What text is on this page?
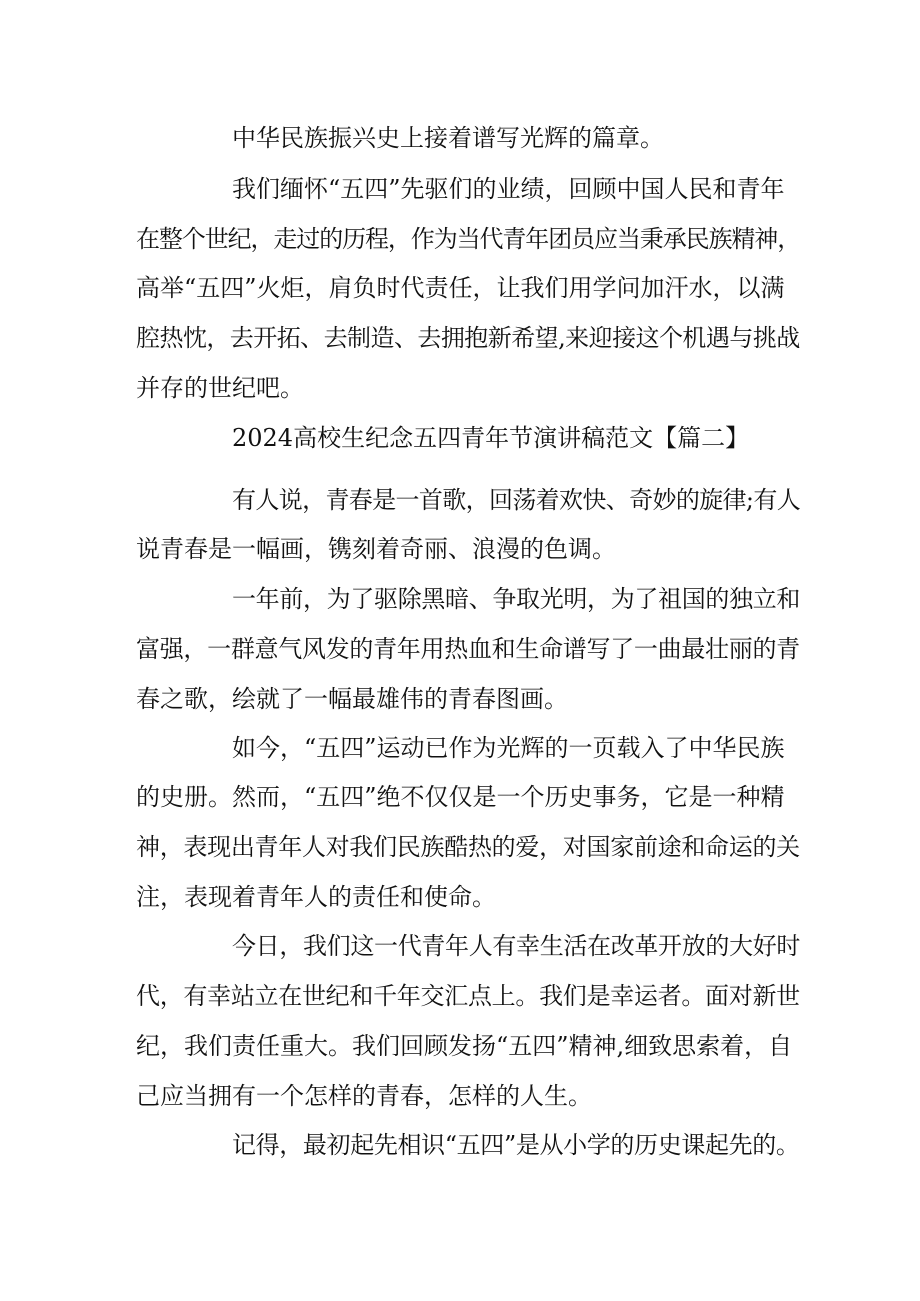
中华民族振兴史上接着谱写光辉的篇章。
我们缅怀“五四”先驱们的业绩，回顾中国人民和青年
在整个世纪，走过的历程，作为当代青年团员应当秉承民族精神，
高举“五四”火炬，肩负时代责任，让我们用学问加汗水，以满
腔热忱，去开拓、去制造、去拥抱新希望,来迎接这个机遇与挑战
并存的世纪吧。
2024高校生纪念五四青年节演讲稿范文【篇二】
有人说，青春是一首歌，回荡着欢快、奇妙的旋律;有人
说青春是一幅画，镌刻着奇丽、浪漫的色调。
一年前，为了驱除黑暗、争取光明，为了祖国的独立和
富强，一群意气风发的青年用热血和生命谱写了一曲最壮丽的青
春之歌，绘就了一幅最雄伟的青春图画。
如今，“五四”运动已作为光辉的一页载入了中华民族
的史册。然而，“五四”绝不仅仅是一个历史事务，它是一种精
神，表现出青年人对我们民族酷热的爱，对国家前途和命运的关
注，表现着青年人的责任和使命。
今日，我们这一代青年人有幸生活在改革开放的大好时
代，有幸站立在世纪和千年交汇点上。我们是幸运者。面对新世
纪，我们责任重大。我们回顾发扬“五四”精神,细致思索着，自
己应当拥有一个怎样的青春，怎样的人生。
记得，最初起先相识“五四”是从小学的历史课起先的。
